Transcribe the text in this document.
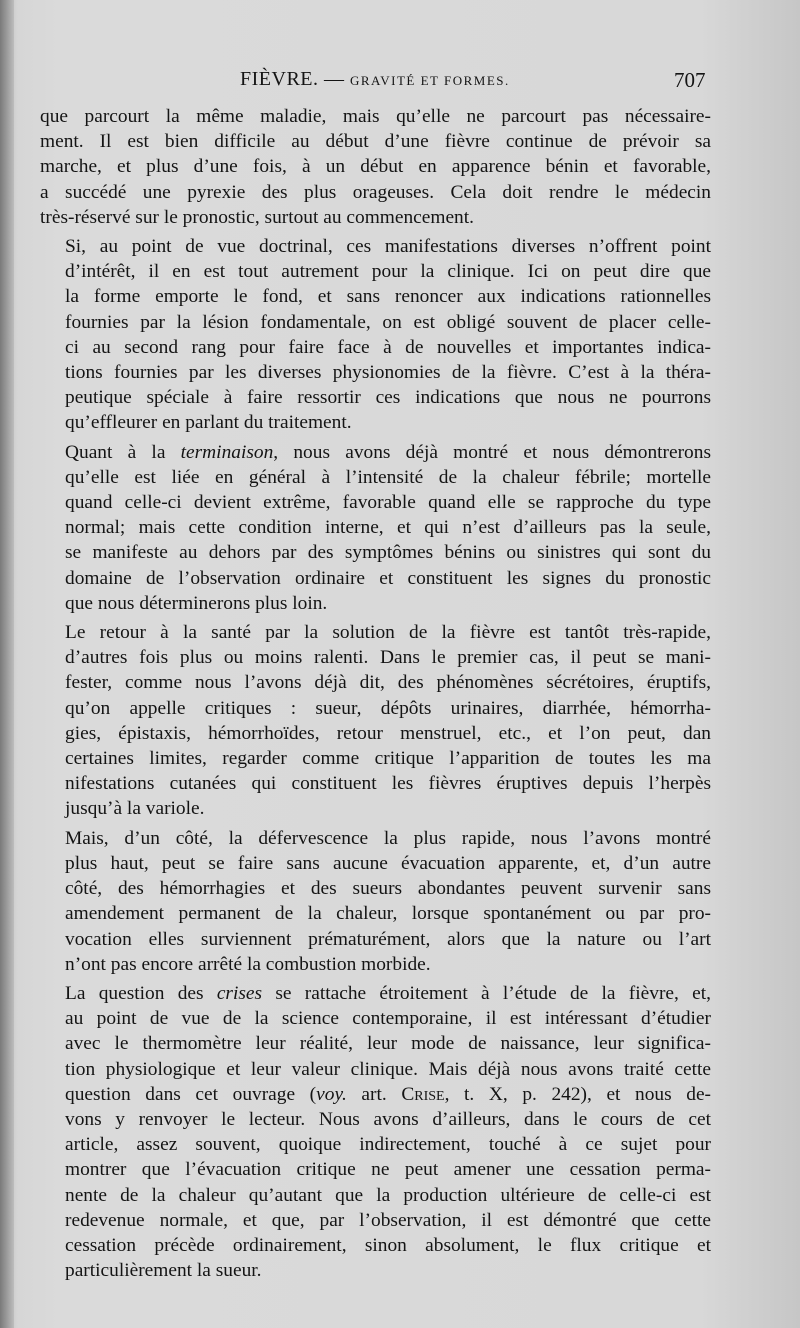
FIÈVRE. — GRAVITÉ ET FORMES.	707

que parcourt la même maladie, mais qu’elle ne parcourt pas nécessaire-
ment. Il est bien difficile au début d’une fièvre continue de prévoir sa
marche, et plus d’une fois, à un début en apparence bénin et favorable,
a succédé une pyrexie des plus orageuses. Cela doit rendre le médecin
très-réservé sur le pronostic, surtout au commencement.

Si, au point de vue doctrinal, ces manifestations diverses n’offrent point
d’intérêt, il en est tout autrement pour la clinique. Ici on peut dire que
la forme emporte le fond, et sans renoncer aux indications rationnelles
fournies par la lésion fondamentale, on est obligé souvent de placer celle-
ci au second rang pour faire face à de nouvelles et importantes indica-
tions fournies par les diverses physionomies de la fièvre. C’est à la théra-
peutique spéciale à faire ressortir ces indications que nous ne pourrons
qu’effleurer en parlant du traitement.

Quant à la terminaison, nous avons déjà montré et nous démontrerons
qu’elle est liée en général à l’intensité de la chaleur fébrile; mortelle
quand celle-ci devient extrême, favorable quand elle se rapproche du type
normal; mais cette condition interne, et qui n’est d’ailleurs pas la seule,
se manifeste au dehors par des symptômes bénins ou sinistres qui sont du
domaine de l’observation ordinaire et constituent les signes du pronostic
que nous déterminerons plus loin.

Le retour à la santé par la solution de la fièvre est tantôt très-rapide,
d’autres fois plus ou moins ralenti. Dans le premier cas, il peut se mani-
fester, comme nous l’avons déjà dit, des phénomènes sécrétoires, éruptifs,
qu’on appelle critiques : sueur, dépôts urinaires, diarrhée, hémorrha-
gies, épistaxis, hémorrhoïdes, retour menstruel, etc., et l’on peut, dan
certaines limites, regarder comme critique l’apparition de toutes les ma
nifestations cutanées qui constituent les fièvres éruptives depuis l’herpès
jusqu’à la variole.

Mais, d’un côté, la défervescence la plus rapide, nous l’avons montré
plus haut, peut se faire sans aucune évacuation apparente, et, d’un autre
côté, des hémorrhagies et des sueurs abondantes peuvent survenir sans
amendement permanent de la chaleur, lorsque spontanément ou par pro-
vocation elles surviennent prématurément, alors que la nature ou l’art
n’ont pas encore arrêté la combustion morbide.

La question des crises se rattache étroitement à l’étude de la fièvre, et,
au point de vue de la science contemporaine, il est intéressant d’étudier
avec le thermomètre leur réalité, leur mode de naissance, leur significa-
tion physiologique et leur valeur clinique. Mais déjà nous avons traité cette
question dans cet ouvrage (voy. art. Crise, t. X, p. 242), et nous de-
vons y renvoyer le lecteur. Nous avons d’ailleurs, dans le cours de cet
article, assez souvent, quoique indirectement, touché à ce sujet pour
montrer que l’évacuation critique ne peut amener une cessation perma-
nente de la chaleur qu’autant que la production ultérieure de celle-ci est
redevenue normale, et que, par l’observation, il est démontré que cette
cessation précède ordinairement, sinon absolument, le flux critique et
particulièrement la sueur.
